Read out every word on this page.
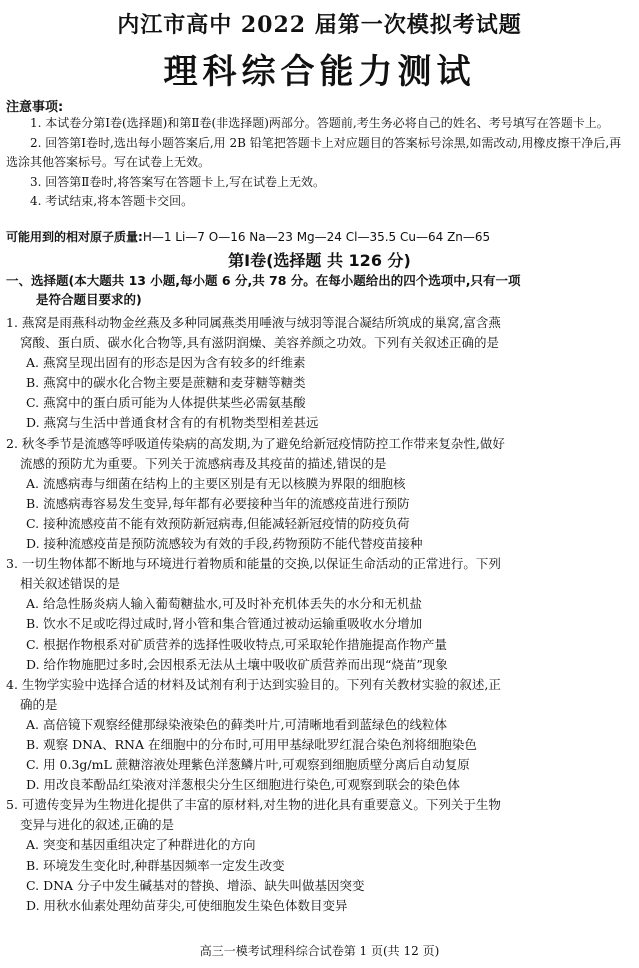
内江市高中 2022 届第一次模拟考试题
理科综合能力测试
注意事项:

1. 本试卷分第Ⅰ卷(选择题)和第Ⅱ卷(非选择题)两部分。答题前,考生务必将自己的姓名、考号填写在答题卡上。

2. 回答第Ⅰ卷时,选出每小题答案后,用 2B 铅笔把答题卡上对应题目的答案标号涂黑,如需改动,用橡皮擦干净后,再选涂其他答案标号。写在试卷上无效。

3. 回答第Ⅱ卷时,将答案写在答题卡上,写在试卷上无效。

4. 考试结束,将本答题卡交回。

可能用到的相对原子质量:H—1 Li—7 O—16 Na—23 Mg—24 Cl—35.5 Cu—64 Zn—65
第Ⅰ卷(选择题 共 126 分)
一、选择题(本大题共 13 小题,每小题 6 分,共 78 分。在每小题给出的四个选项中,只有一项
是符合题目要求的)
1. 燕窝是雨燕科动物金丝燕及多种同属燕类用唾液与绒羽等混合凝结所筑成的巢窝,富含燕
窝酸、蛋白质、碳水化合物等,具有滋阴润燥、美容养颜之功效。下列有关叙述正确的是
A. 燕窝呈现出固有的形态是因为含有较多的纤维素
B. 燕窝中的碳水化合物主要是蔗糖和麦芽糖等糖类
C. 燕窝中的蛋白质可能为人体提供某些必需氨基酸
D. 燕窝与生活中普通食材含有的有机物类型相差甚远
2. 秋冬季节是流感等呼吸道传染病的高发期,为了避免给新冠疫情防控工作带来复杂性,做好
流感的预防尤为重要。下列关于流感病毒及其疫苗的描述,错误的是
A. 流感病毒与细菌在结构上的主要区别是有无以核膜为界限的细胞核
B. 流感病毒容易发生变异,每年都有必要接种当年的流感疫苗进行预防
C. 接种流感疫苗不能有效预防新冠病毒,但能减轻新冠疫情的防疫负荷
D. 接种流感疫苗是预防流感较为有效的手段,药物预防不能代替疫苗接种
3. 一切生物体都不断地与环境进行着物质和能量的交换,以保证生命活动的正常进行。下列
相关叙述错误的是
A. 给急性肠炎病人输入葡萄糖盐水,可及时补充机体丢失的水分和无机盐
B. 饮水不足或吃得过咸时,肾小管和集合管通过被动运输重吸收水分增加
C. 根据作物根系对矿质营养的选择性吸收特点,可采取轮作措施提高作物产量
D. 给作物施肥过多时,会因根系无法从土壤中吸收矿质营养而出现“烧苗”现象
4. 生物学实验中选择合适的材料及试剂有利于达到实验目的。下列有关教材实验的叙述,正
确的是
A. 高倍镜下观察经健那绿染液染色的藓类叶片,可清晰地看到蓝绿色的线粒体
B. 观察 DNA、RNA 在细胞中的分布时,可用甲基绿吡罗红混合染色剂将细胞染色
C. 用 0.3g/mL 蔗糖溶液处理紫色洋葱鳞片叶,可观察到细胞质壁分离后自动复原
D. 用改良苯酚品红染液对洋葱根尖分生区细胞进行染色,可观察到联会的染色体
5. 可遗传变异为生物进化提供了丰富的原材料,对生物的进化具有重要意义。下列关于生物
变异与进化的叙述,正确的是
A. 突变和基因重组决定了种群进化的方向
B. 环境发生变化时,种群基因频率一定发生改变
C. DNA 分子中发生碱基对的替换、增添、缺失叫做基因突变
D. 用秋水仙素处理幼苗芽尖,可使细胞发生染色体数目变异
高三一模考试理科综合试卷第 1 页(共 12 页)
